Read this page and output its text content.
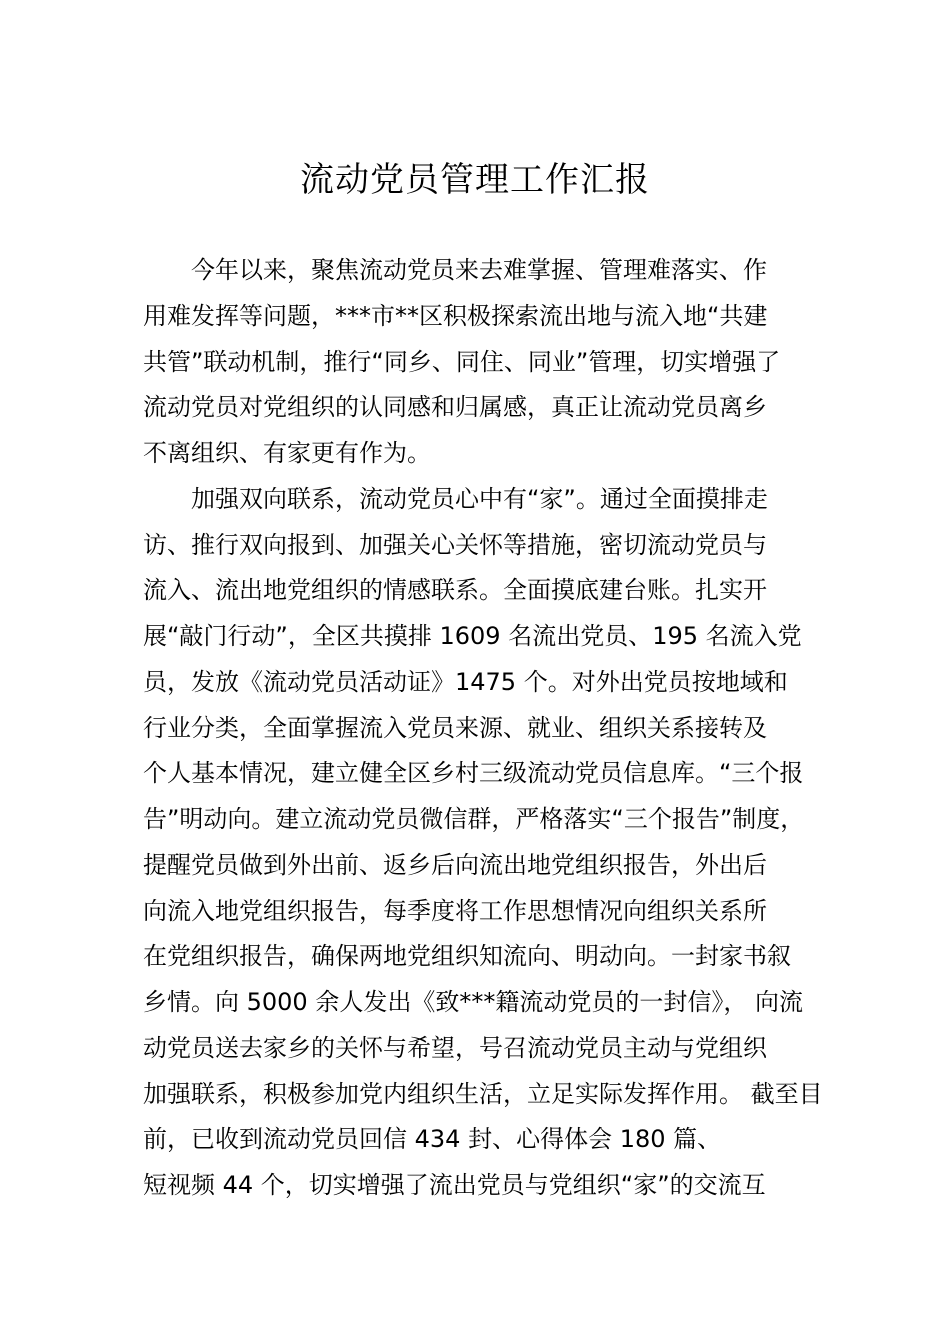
流动党员管理工作汇报
今年以来，聚焦流动党员来去难掌握、管理难落实、作
用难发挥等问题，***市**区积极探索流出地与流入地“共建
共管”联动机制，推行“同乡、同住、同业”管理，切实增强了
流动党员对党组织的认同感和归属感，真正让流动党员离乡
不离组织、有家更有作为。
加强双向联系，流动党员心中有“家”。通过全面摸排走
访、推行双向报到、加强关心关怀等措施，密切流动党员与
流入、流出地党组织的情感联系。全面摸底建台账。扎实开
展“敲门行动”，全区共摸排 1609 名流出党员、195 名流入党
员，发放《流动党员活动证》1475 个。对外出党员按地域和
行业分类，全面掌握流入党员来源、就业、组织关系接转及
个人基本情况，建立健全区乡村三级流动党员信息库。“三个报
告”明动向。建立流动党员微信群，严格落实“三个报告”制度，
提醒党员做到外出前、返乡后向流出地党组织报告，外出后
向流入地党组织报告，每季度将工作思想情况向组织关系所
在党组织报告，确保两地党组织知流向、明动向。一封家书叙
乡情。向 5000 余人发出《致***籍流动党员的一封信》， 向流
动党员送去家乡的关怀与希望，号召流动党员主动与党组织
加强联系，积极参加党内组织生活，立足实际发挥作用。 截至目
前，已收到流动党员回信 434 封、心得体会 180 篇、
短视频 44 个，切实增强了流出党员与党组织“家”的交流互
